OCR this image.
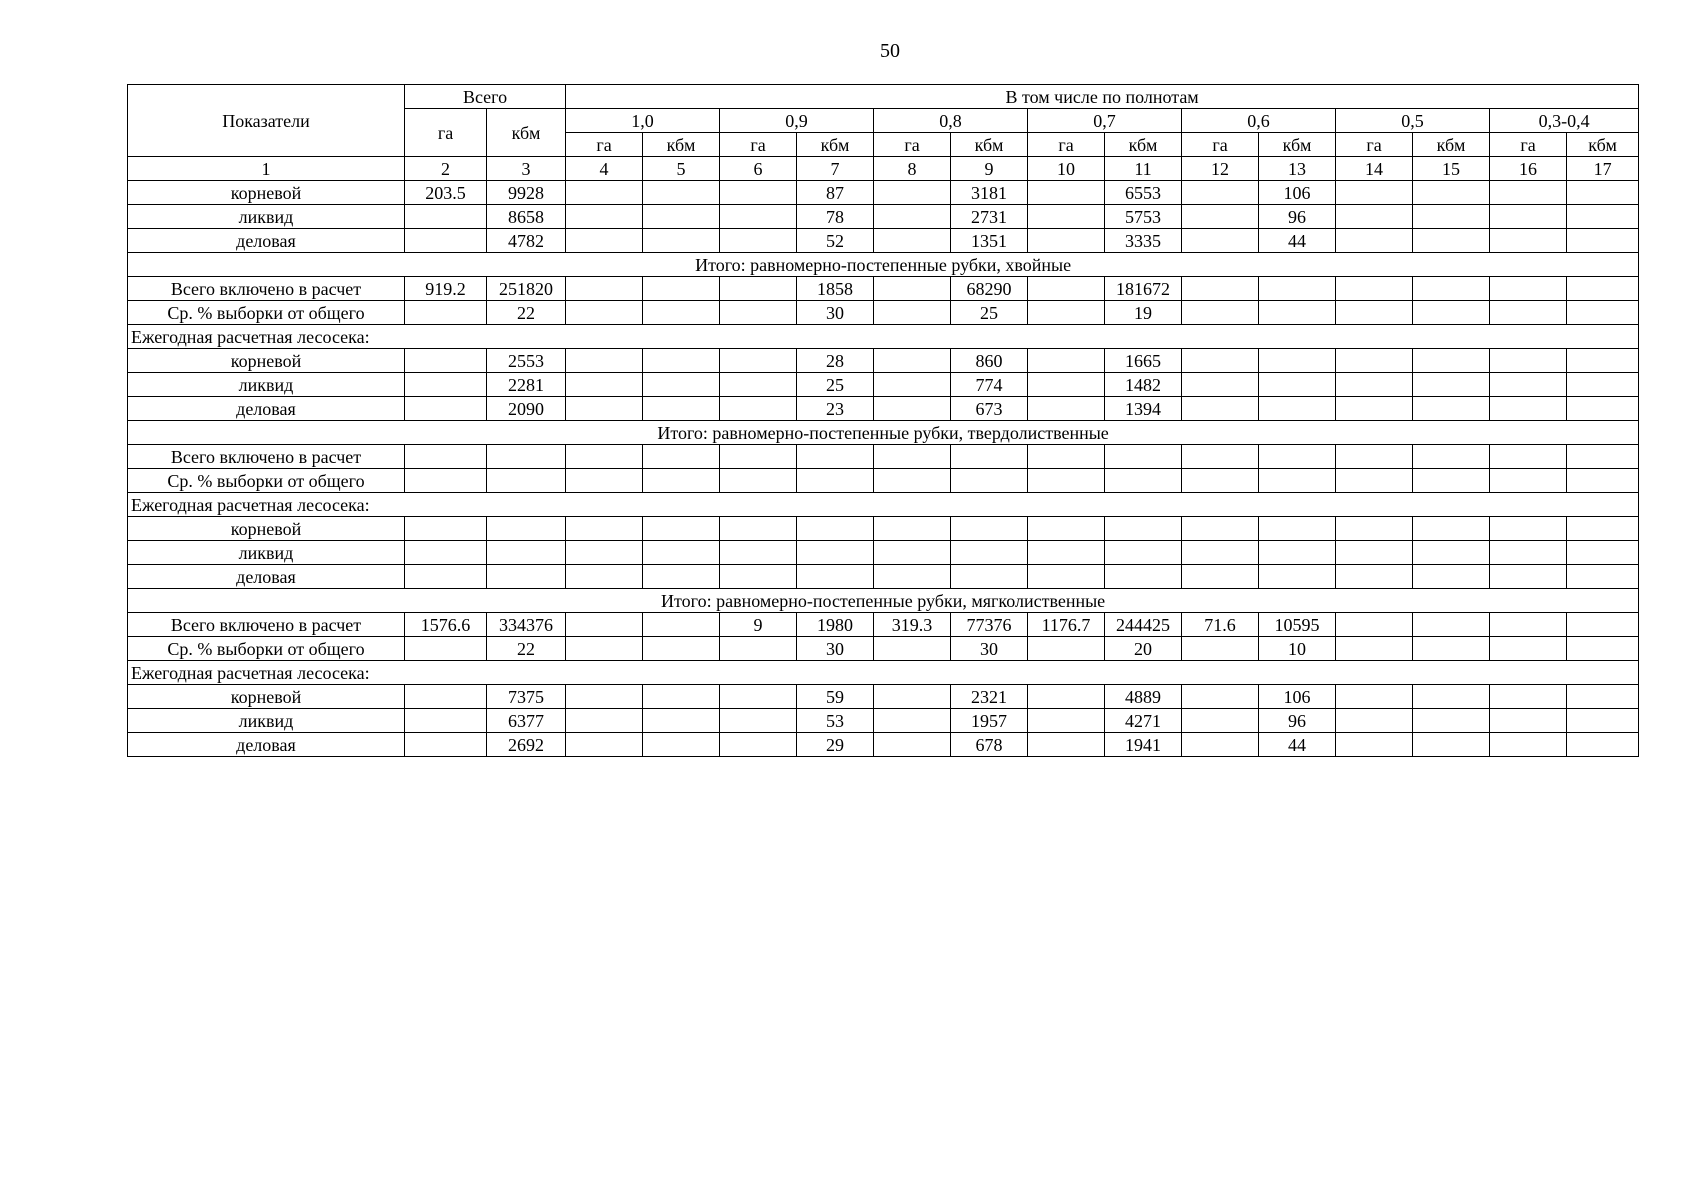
50
Показатели	Всего		В том числе по полнотам													
	га	кбм	1,0		0,9		0,8		0,7		0,6		0,5		0,3-0,4	
			га	кбм	га	кбм	га	кбм	га	кбм	га	кбм	га	кбм	га	кбм
1	2	3	4	5	6	7	8	9	10	11	12	13	14	15	16	17
корневой	203.5	9928				87		3181		6553		106				
ликвид		8658				78		2731		5753		96				
деловая		4782				52		1351		3335		44				
Итого: равномерно-постепенные рубки, хвойные																
Всего включено в расчет	919.2	251820				1858		68290		181672						
Ср. % выборки от общего		22				30		25		19						
Ежегодная расчетная лесосека:																
корневой		2553				28		860		1665						
ликвид		2281				25		774		1482						
деловая		2090				23		673		1394						
Итого: равномерно-постепенные рубки, твердолиственные																
Всего включено в расчет																
Ср. % выборки от общего																
Ежегодная расчетная лесосека:																
корневой																
ликвид																
деловая																
Итого: равномерно-постепенные рубки, мягколиственные																
Всего включено в расчет	1576.6	334376			9	1980	319.3	77376	1176.7	244425	71.6	10595				
Ср. % выборки от общего		22				30		30		20		10				
Ежегодная расчетная лесосека:																
корневой		7375				59		2321		4889		106				
ликвид		6377				53		1957		4271		96				
деловая		2692				29		678		1941		44				
